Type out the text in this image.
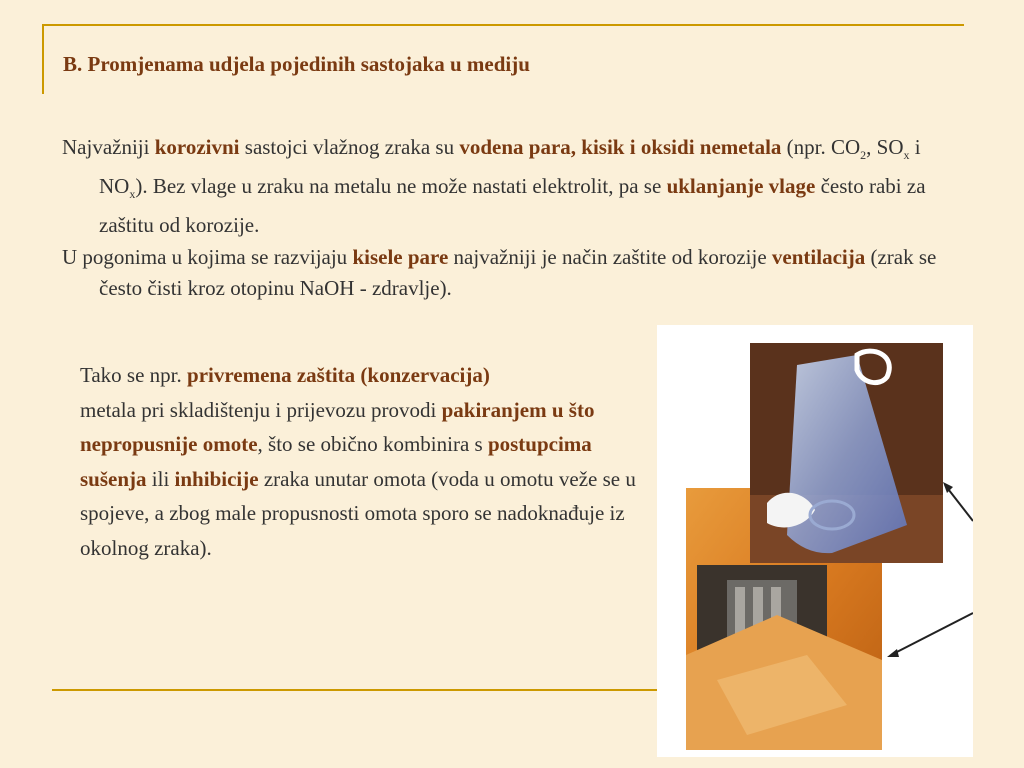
B. Promjenama udjela pojedinih sastojaka u mediju
Najvažniji korozivni sastojci vlažnog zraka su vodena para, kisik i oksidi nemetala (npr. $CO_2$, $SO_x$ i $NO_x$). Bez vlage u zraku na metalu ne može nastati elektrolit, pa se uklanjanje vlage često rabi za zaštitu od korozije.
U pogonima u kojima se razvijaju kisele pare najvažniji je način zaštite od korozije ventilacija (zrak se često čisti kroz otopinu NaOH - zdravlje).
Tako se npr. privremena zaštita (konzervacija)
metala pri skladištenju i prijevozu provodi pakiranjem u što nepropusnije omote, što se obično kombinira s postupcima sušenja ili inhibicije zraka unutar omota (voda u omotu veže se u spojeve, a zbog male propusnosti omota sporo se nadoknađuje iz okolnog zraka).
